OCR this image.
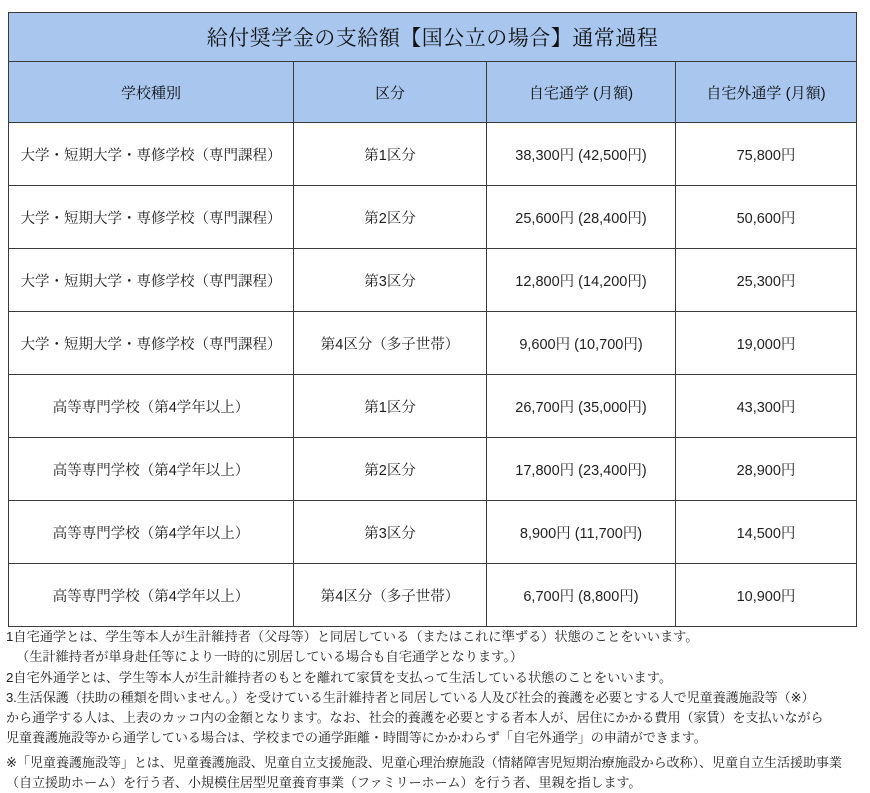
給付奨学金の支給額【国公立の場合】通常過程			
学校種別	区分	自宅通学 (月額)	自宅外通学 (月額)
大学・短期大学・専修学校（専門課程）	第1区分	38,300円 (42,500円)	75,800円
大学・短期大学・専修学校（専門課程）	第2区分	25,600円 (28,400円)	50,600円
大学・短期大学・専修学校（専門課程）	第3区分	12,800円 (14,200円)	25,300円
大学・短期大学・専修学校（専門課程）	第4区分（多子世帯）	9,600円 (10,700円)	19,000円
高等専門学校（第4学年以上）	第1区分	26,700円 (35,000円)	43,300円
高等専門学校（第4学年以上）	第2区分	17,800円 (23,400円)	28,900円
高等専門学校（第4学年以上）	第3区分	8,900円 (11,700円)	14,500円
高等専門学校（第4学年以上）	第4区分（多子世帯）	6,700円 (8,800円)	10,900円

1自宅通学とは、学生等本人が生計維持者（父母等）と同居している（またはこれに準ずる）状態のことをいいます。

（生計維持者が単身赴任等により一時的に別居している場合も自宅通学となります。）

2自宅外通学とは、学生等本人が生計維持者のもとを離れて家賃を支払って生活している状態のことをいいます。

3.生活保護（扶助の種類を問いません。）を受けている生計維持者と同居している人及び社会的養護を必要とする人で児童養護施設等（※）

から通学する人は、上表のカッコ内の金額となります。なお、社会的養護を必要とする者本人が、居住にかかる費用（家賃）を支払いながら

児童養護施設等から通学している場合は、学校までの通学距離・時間等にかかわらず「自宅外通学」の申請ができます。

※「児童養護施設等」とは、児童養護施設、児童自立支援施設、児童心理治療施設（情緒障害児短期治療施設から改称）、児童自立生活援助事業

（自立援助ホーム）を行う者、小規模住居型児童養育事業（ファミリーホーム）を行う者、里親を指します。
